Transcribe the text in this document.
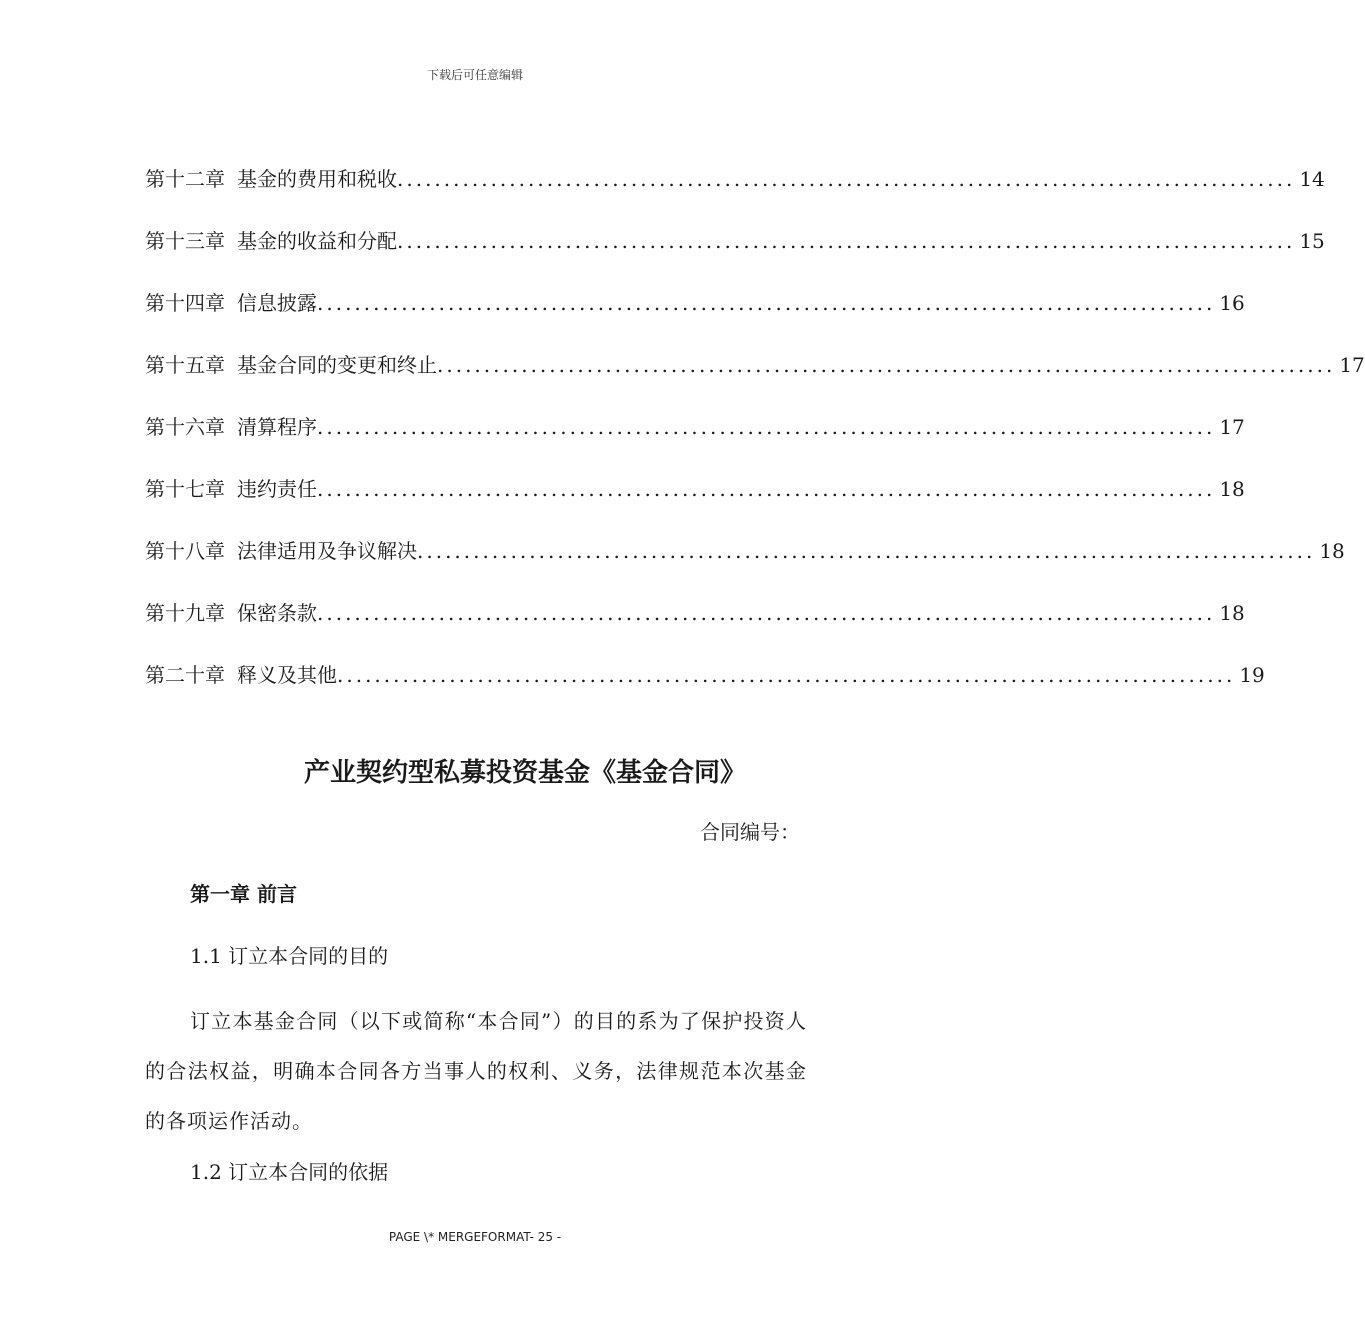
下载后可任意编辑
第十二章 基金的费用和税收 ................................................................................................ 14
第十三章 基金的收益和分配 ................................................................................................ 15
第十四章 信息披露 ................................................................................................ 16
第十五章 基金合同的变更和终止 ................................................................................................ 17
第十六章 清算程序 ................................................................................................ 17
第十七章 违约责任 ................................................................................................ 18
第十八章 法律适用及争议解决 ................................................................................................ 18
第十九章 保密条款 ................................................................................................ 18
第二十章 释义及其他 ................................................................................................ 19
产业契约型私募投资基金《基金合同》
合同编号：
第一章 前言
1.1 订立本合同的目的
订立本基金合同（以下或简称“本合同”）的目的系为了保护投资人的合法权益，明确本合同各方当事人的权利、义务，法律规范本次基金的各项运作活动。
1.2 订立本合同的依据
PAGE \* MERGEFORMAT- 25 -
